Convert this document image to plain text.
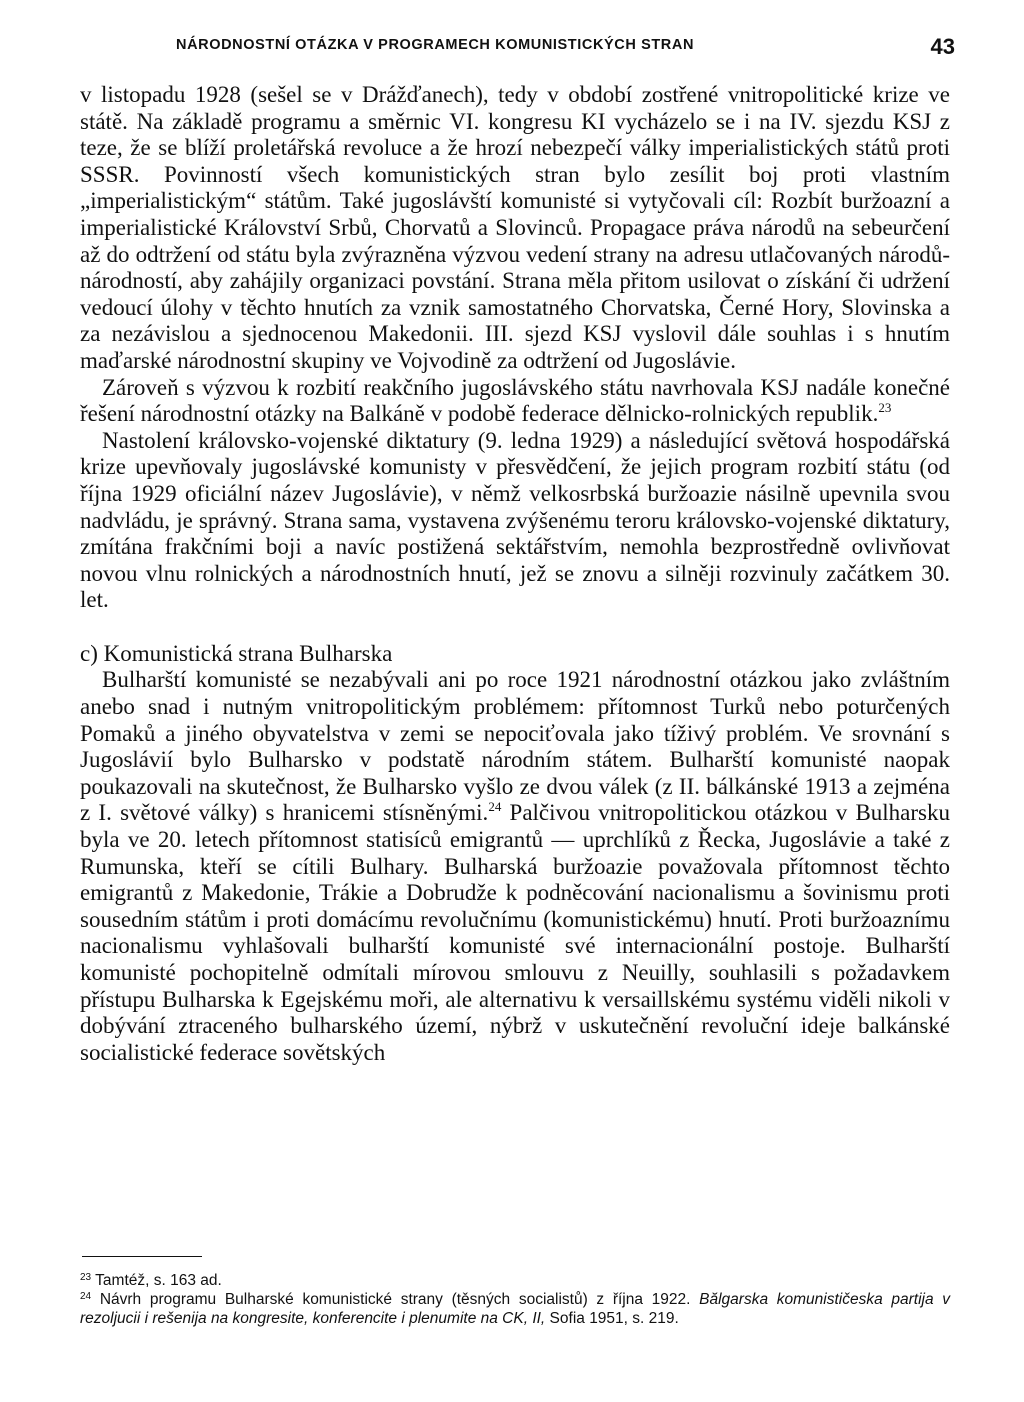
NÁRODNOSTNÍ OTÁZKA V PROGRAMECH KOMUNISTICKÝCH STRAN	43

v listopadu 1928 (sešel se v Drážďanech), tedy v období zostřené vnitropolitické krize ve státě. Na základě programu a směrnic VI. kongresu KI vycházelo se i na IV. sjezdu KSJ z teze, že se blíží proletářská revoluce a že hrozí nebezpečí války imperialistických států proti SSSR. Povinností všech komunistických stran bylo zesílit boj proti vlastním „imperialistickým“ státům. Také jugoslávští komunisté si vytyčovali cíl: Rozbít buržoazní a imperialistické Království Srbů, Chorvatů a Slovinců. Propagace práva národů na sebeurčení až do odtržení od státu byla zvýrazněna výzvou vedení strany na adresu utlačovaných národů-národností, aby zahájily organizaci povstání. Strana měla přitom usilovat o získání či udržení vedoucí úlohy v těchto hnutích za vznik samostatného Chorvatska, Černé Hory, Slovinska a za nezávislou a sjednocenou Makedonii. III. sjezd KSJ vyslovil dále souhlas i s hnutím maďarské národnostní skupiny ve Vojvodině za odtržení od Jugoslávie.

Zároveň s výzvou k rozbití reakčního jugoslávského státu navrhovala KSJ nadále konečné řešení národnostní otázky na Balkáně v podobě federace dělnicko-rolnických republik.$^{23}$

Nastolení královsko-vojenské diktatury (9. ledna 1929) a následující světová hospodářská krize upevňovaly jugoslávské komunisty v přesvědčení, že jejich program rozbití státu (od října 1929 oficiální název Jugoslávie), v němž velkosrbská buržoazie násilně upevnila svou nadvládu, je správný. Strana sama, vystavena zvýšenému teroru královsko-vojenské diktatury, zmítána frakčními boji a navíc postižená sektářstvím, nemohla bezprostředně ovlivňovat novou vlnu rolnických a národnostních hnutí, jež se znovu a silněji rozvinuly začátkem 30. let.

c) Komunistická strana Bulharska

Bulharští komunisté se nezabývali ani po roce 1921 národnostní otázkou jako zvláštním anebo snad i nutným vnitropolitickým problémem: přítomnost Turků nebo poturčených Pomaků a jiného obyvatelstva v zemi se nepociťovala jako tíživý problém. Ve srovnání s Jugoslávií bylo Bulharsko v podstatě národním státem. Bulharští komunisté naopak poukazovali na skutečnost, že Bulharsko vyšlo ze dvou válek (z II. bálkánské 1913 a zejména z I. světové války) s hranicemi stísněnými.$^{24}$ Palčivou vnitropolitickou otázkou v Bulharsku byla ve 20. letech přítomnost statisíců emigrantů — uprchlíků z Řecka, Jugoslávie a také z Rumunska, kteří se cítili Bulhary. Bulharská buržoazie považovala přítomnost těchto emigrantů z Makedonie, Trákie a Dobrudže k podněcování nacionalismu a šovinismu proti sousedním státům i proti domácímu revolučnímu (komunistickému) hnutí. Proti buržoaznímu nacionalismu vyhlašovali bulharští komunisté své internacionální postoje. Bulharští komunisté pochopitelně odmítali mírovou smlouvu z Neuilly, souhlasili s požadavkem přístupu Bulharska k Egejskému moři, ale alternativu k versaillskému systému viděli nikoli v dobývání ztraceného bulharského území, nýbrž v uskutečnění revoluční ideje balkánské socialistické federace sovětských

$^{23}$ Tamtéž, s. 163 ad.

$^{24}$ Návrh programu Bulharské komunistické strany (těsných socialistů) z října 1922. Bălgarska komunističeska partija v rezoljucii i rešenija na kongresite, konferencite i plenumite na CK, II, Sofia 1951, s. 219.
